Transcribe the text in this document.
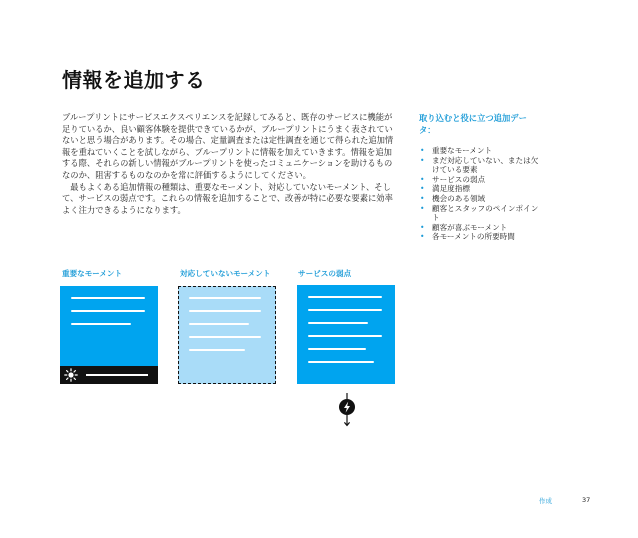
情報を追加する

ブループリントにサービスエクスペリエンスを記録してみると、既存のサービスに機能が足りているか、良い顧客体験を提供できているかが、ブループリントにうまく表されていないと思う場合があります。その場合、定量調査または定性調査を通じて得られた追加情報を重ねていくことを試しながら、ブループリントに情報を加えていきます。情報を追加する際、それらの新しい情報がブループリントを使ったコミュニケーションを助けるものなのか、阻害するものなのかを常に評価するようにしてください。

最もよくある追加情報の種類は、重要なモーメント、対応していないモーメント、そして、サービスの弱点です。これらの情報を追加することで、改善が特に必要な要素に効率よく注力できるようになります。

取り込むと役に立つ追加データ：

• 重要なモーメント
• まだ対応していない、または欠けている要素
• サービスの弱点
• 満足度指標
• 機会のある領域
• 顧客とスタッフのペインポイント
• 顧客が喜ぶモーメント
• 各モーメントの所要時間
重要なモーメント	対応していないモーメント	サービスの弱点
作成	37
